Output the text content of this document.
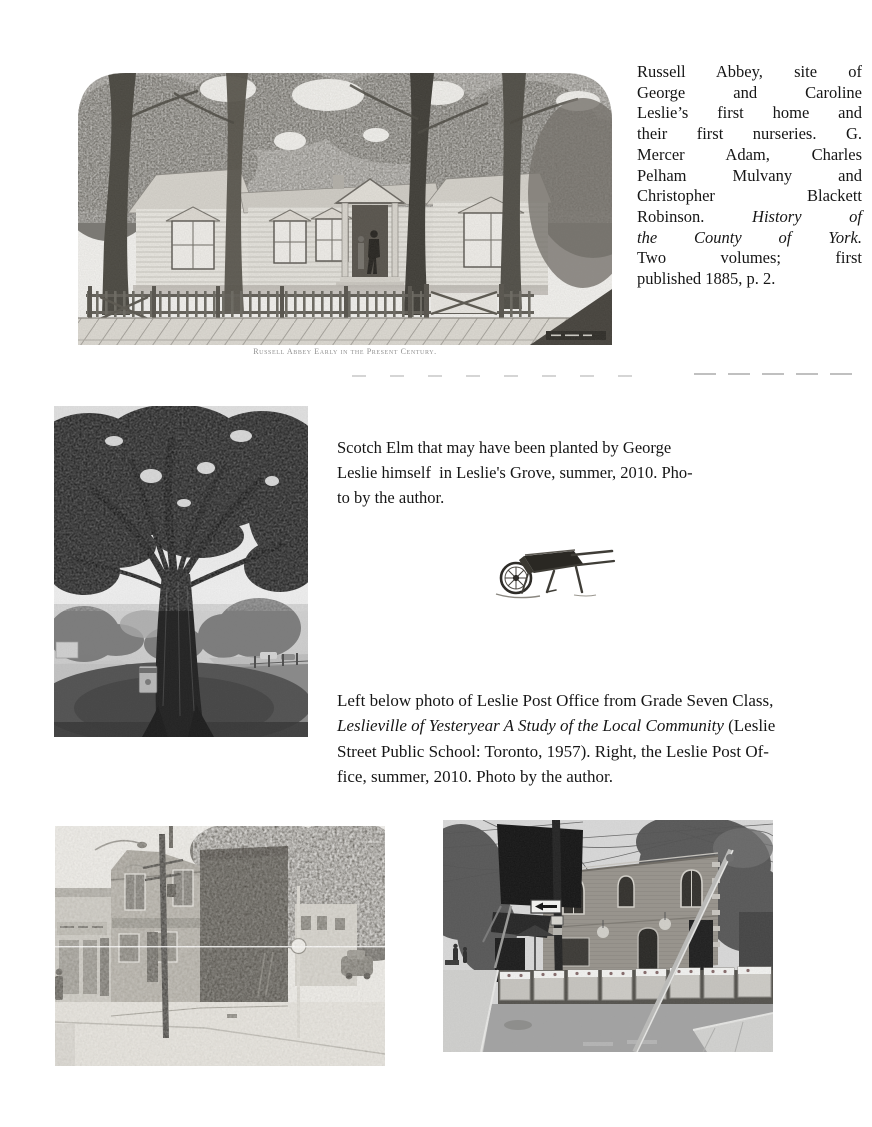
Russell Abbey Early in the Present Century.
Russell Abbey, site of
George and Caroline
Leslie’s first home and
their first nurseries. G.
Mercer Adam, Charles
Pelham Mulvany and
Christopher Blackett
Robinson. History of
the County of York.
Two volumes; first
published 1885, p. 2.
Scotch Elm that may have been planted by George
Leslie himself  in Leslie's Grove, summer, 2010. Pho-
to by the author.
Left below photo of Leslie Post Office from Grade Seven Class,
Leslieville of Yesteryear A Study of the Local Community (Leslie
Street Public School: Toronto, 1957). Right, the Leslie Post Of-
fice, summer, 2010. Photo by the author.
